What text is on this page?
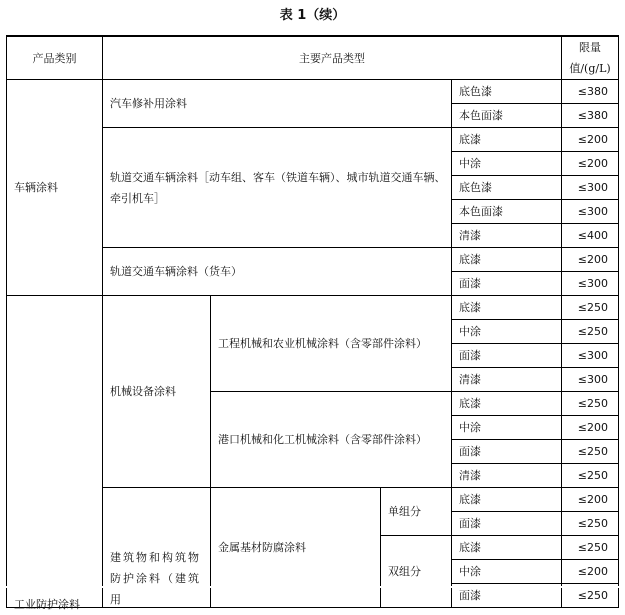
表 1（续）
产品类别	主要产品类型				限量值/(g/L)
车辆涂料	汽车修补用涂料			底色漆	≤380
				本色面漆	≤380
	轨道交通车辆涂料［动车组、客车（铁道车辆）、城市轨道交通车辆、牵引机车］			底漆	≤200
				中涂	≤200
				底色漆	≤300
				本色面漆	≤300
				清漆	≤400
	轨道交通车辆涂料（货车）			底漆	≤200
				面漆	≤300

工业防护涂料	机械设备涂料	工程机械和农业机械涂料（含零部件涂料）		底漆	≤250
				中涂	≤250
				面漆	≤300
				清漆	≤300
		港口机械和化工机械涂料（含零部件涂料）		底漆	≤250
				中涂	≤200
				面漆	≤250
				清漆	≤250

	建筑物和构筑物防护涂料（建筑用	金属基材防腐涂料	单组分	底漆	≤200
				面漆	≤250
			双组分	底漆	≤250
				中涂	≤200
				面漆	≤250
